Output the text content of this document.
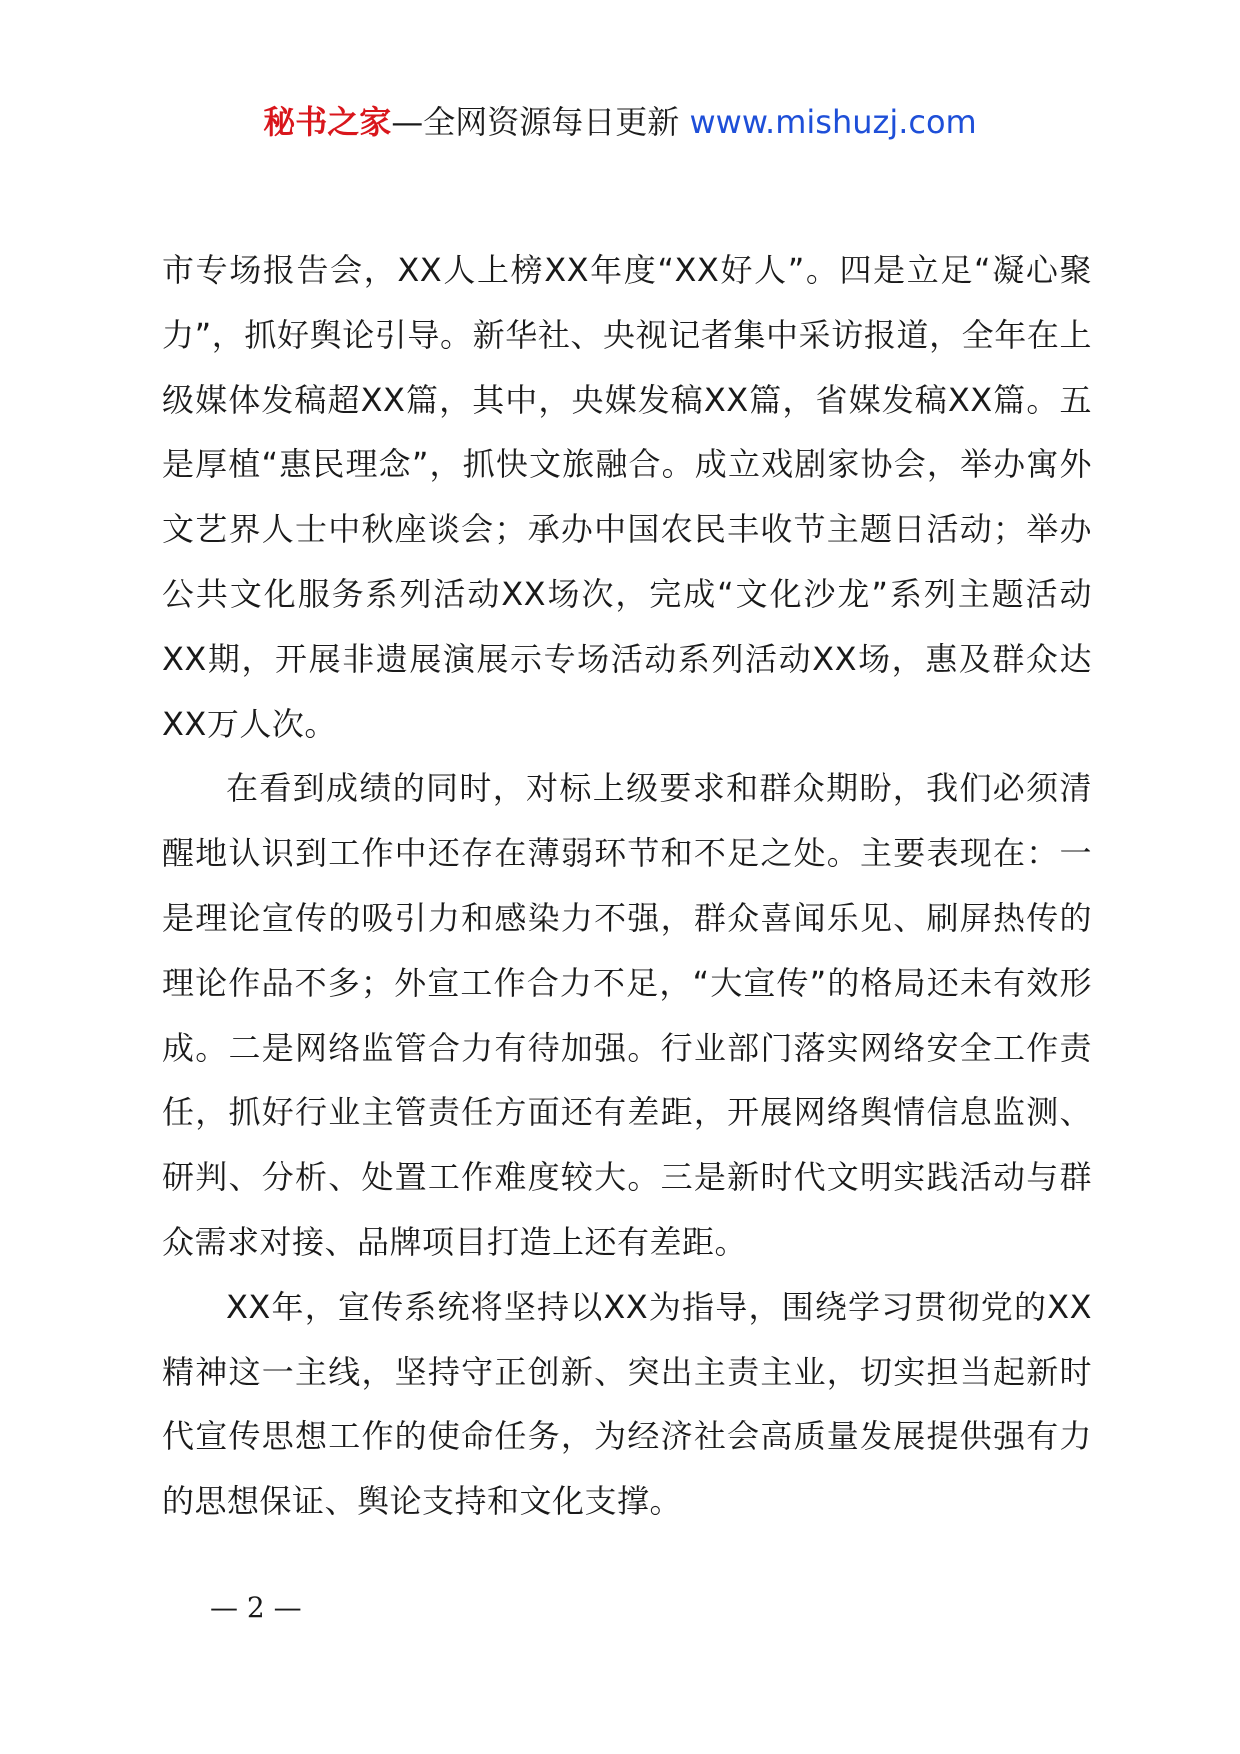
秘书之家—全网资源每日更新 www.mishuzj.com

市专场报告会，XX人上榜XX年度“XX好人”。四是立足“凝心聚力”，抓好舆论引导。新华社、央视记者集中采访报道，全年在上级媒体发稿超XX篇，其中，央媒发稿XX篇，省媒发稿XX篇。五是厚植“惠民理念”，抓快文旅融合。成立戏剧家协会，举办寓外文艺界人士中秋座谈会；承办中国农民丰收节主题日活动；举办公共文化服务系列活动XX场次，完成“文化沙龙”系列主题活动XX期，开展非遗展演展示专场活动系列活动XX场，惠及群众达XX万人次。

在看到成绩的同时，对标上级要求和群众期盼，我们必须清醒地认识到工作中还存在薄弱环节和不足之处。主要表现在：一是理论宣传的吸引力和感染力不强，群众喜闻乐见、刷屏热传的理论作品不多；外宣工作合力不足，“大宣传”的格局还未有效形成。二是网络监管合力有待加强。行业部门落实网络安全工作责任，抓好行业主管责任方面还有差距，开展网络舆情信息监测、研判、分析、处置工作难度较大。三是新时代文明实践活动与群众需求对接、品牌项目打造上还有差距。

XX年，宣传系统将坚持以XX为指导，围绕学习贯彻党的XX精神这一主线，坚持守正创新、突出主责主业，切实担当起新时代宣传思想工作的使命任务，为经济社会高质量发展提供强有力的思想保证、舆论支持和文化支撑。

— 2 —
